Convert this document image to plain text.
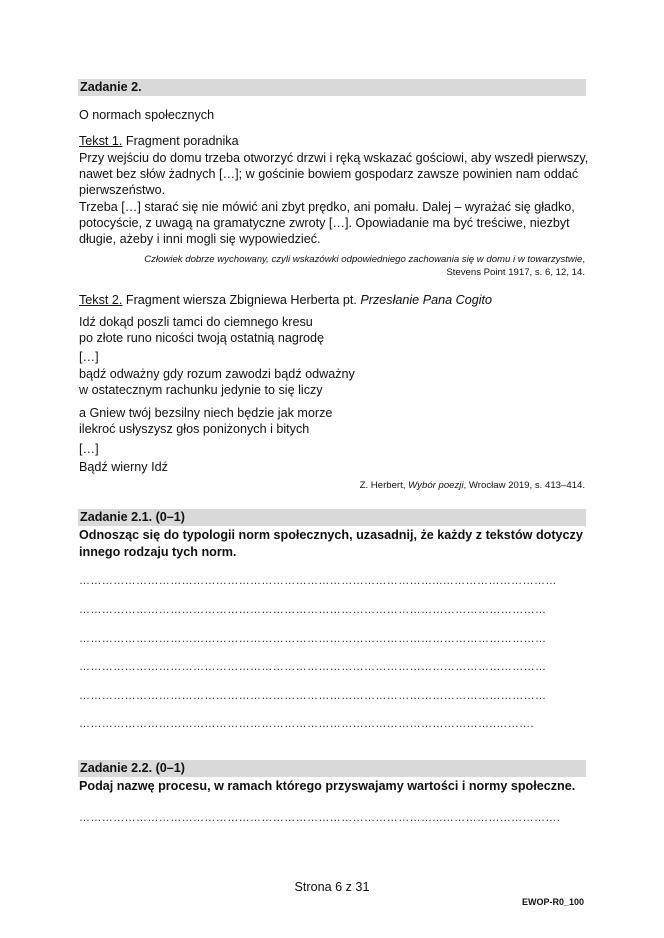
Zadanie 2.
O normach społecznych
Tekst 1. Fragment poradnika
Przy wejściu do domu trzeba otworzyć drzwi i ręką wskazać gościowi, aby wszedł pierwszy,
nawet bez słów żadnych […]; w gościnie bowiem gospodarz zawsze powinien nam oddać
pierwszeństwo.
Trzeba […] starać się nie mówić ani zbyt prędko, ani pomału. Dalej – wyrażać się gładko,
potocyście, z uwagą na gramatyczne zwroty […]. Opowiadanie ma być treściwe, niezbyt
długie, ażeby i inni mogli się wypowiedzieć.
Człowiek dobrze wychowany, czyli wskazówki odpowiedniego zachowania się w domu i w towarzystwie,
Stevens Point 1917, s. 6, 12, 14.
Tekst 2. Fragment wiersza Zbigniewa Herberta pt. Przesłanie Pana Cogito
Idź dokąd poszli tamci do ciemnego kresu
po złote runo nicości twoją ostatnią nagrodę
[…]
bądź odważny gdy rozum zawodzi bądź odważny
w ostatecznym rachunku jedynie to się liczy
a Gniew twój bezsilny niech będzie jak morze
ilekroć usłyszysz głos poniżonych i bitych
[…]
Bądź wierny Idź
Z. Herbert, Wybór poezji, Wrocław 2019, s. 413–414.
Zadanie 2.1. (0–1)
Odnosząc się do typologii norm społecznych, uzasadnij, że każdy z tekstów dotyczy
innego rodzaju tych norm.
…………………………………………………………………………………...…………………………
……………………………………………………………………………………………………………
……………………………………………………………………………………………………………
……………………………………………………………………………………………………………
……………………………………………………………………………………………………………
………………………………………………………………………………………………..……….
Zadanie 2.2. (0–1)
Podaj nazwę procesu, w ramach którego przyswajamy wartości i normy społeczne.
…………………………………………………………………………………...………………………….
Strona 6 z 31
EWOP-R0_100
